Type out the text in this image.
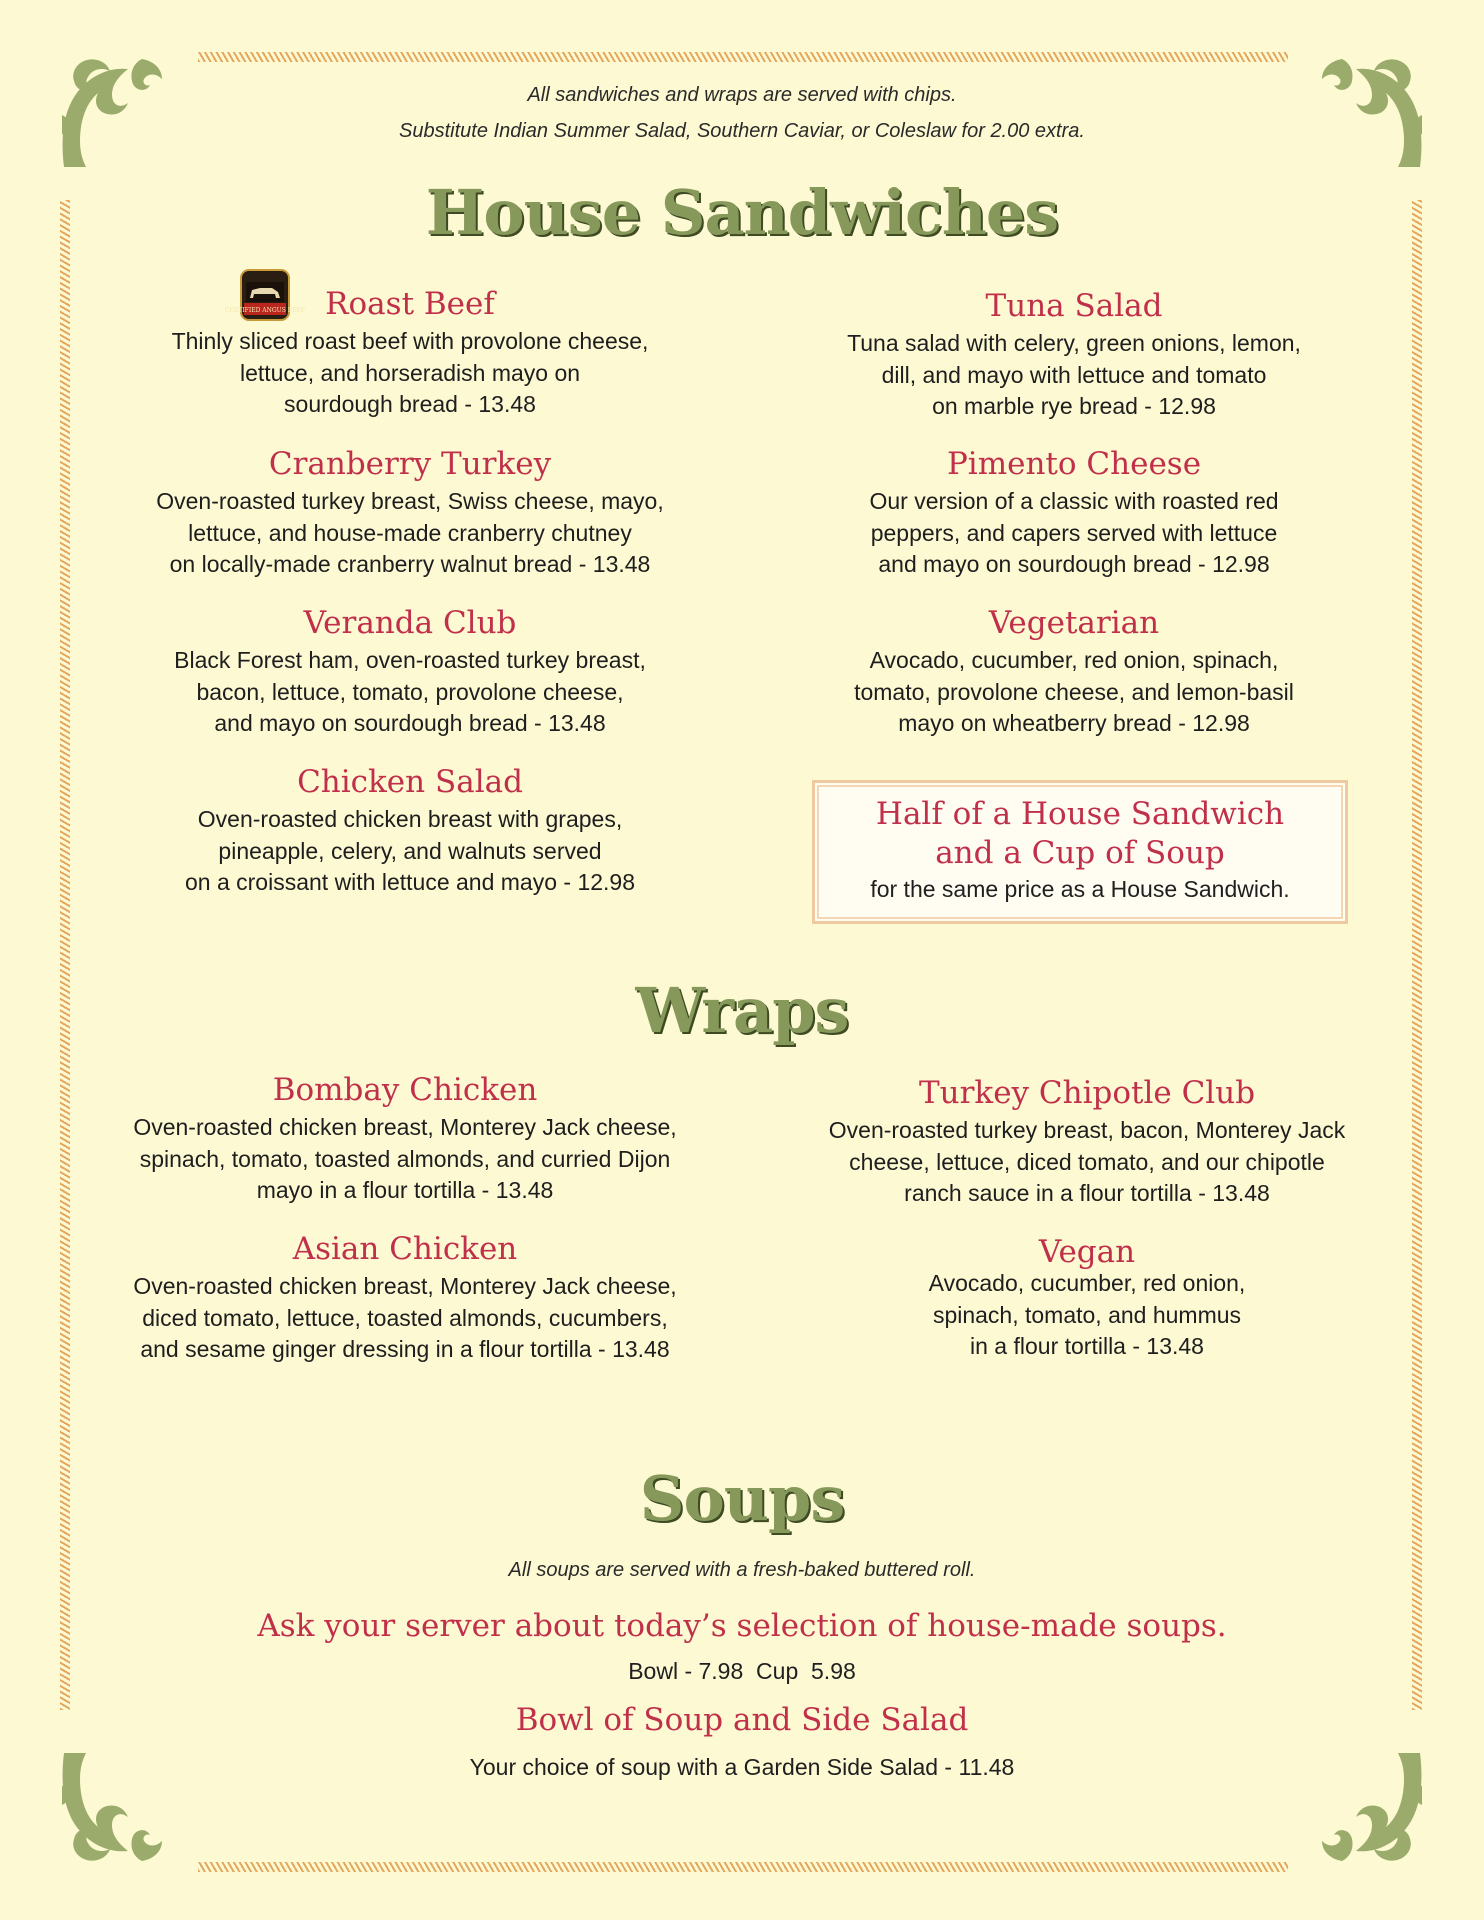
All sandwiches and wraps are served with chips.
Substitute Indian Summer Salad, Southern Caviar, or Coleslaw for 2.00 extra.
House Sandwiches
CERTIFIED ANGUS BEEF Roast Beef
Thinly sliced roast beef with provolone cheese,
lettuce, and horseradish mayo on
sourdough bread - 13.48
Tuna Salad
Tuna salad with celery, green onions, lemon,
dill, and mayo with lettuce and tomato
on marble rye bread - 12.98
Cranberry Turkey
Oven-roasted turkey breast, Swiss cheese, mayo,
lettuce, and house-made cranberry chutney
on locally-made cranberry walnut bread - 13.48
Pimento Cheese
Our version of a classic with roasted red
peppers, and capers served with lettuce
and mayo on sourdough bread - 12.98
Veranda Club
Black Forest ham, oven-roasted turkey breast,
bacon, lettuce, tomato, provolone cheese,
and mayo on sourdough bread - 13.48
Vegetarian
Avocado, cucumber, red onion, spinach,
tomato, provolone cheese, and lemon-basil
mayo on wheatberry bread - 12.98
Chicken Salad
Oven-roasted chicken breast with grapes,
pineapple, celery, and walnuts served
on a croissant with lettuce and mayo - 12.98
Half of a House Sandwich
and a Cup of Soup
for the same price as a House Sandwich.
Wraps
Bombay Chicken
Oven-roasted chicken breast, Monterey Jack cheese,
spinach, tomato, toasted almonds, and curried Dijon
mayo in a flour tortilla - 13.48
Turkey Chipotle Club
Oven-roasted turkey breast, bacon, Monterey Jack
cheese, lettuce, diced tomato, and our chipotle
ranch sauce in a flour tortilla - 13.48
Asian Chicken
Oven-roasted chicken breast, Monterey Jack cheese,
diced tomato, lettuce, toasted almonds, cucumbers,
and sesame ginger dressing in a flour tortilla - 13.48
Vegan
Avocado, cucumber, red onion,
spinach, tomato, and hummus
in a flour tortilla - 13.48
Soups
All soups are served with a fresh-baked buttered roll.
Ask your server about today’s selection of house-made soups.
Bowl - 7.98  Cup  5.98
Bowl of Soup and Side Salad
Your choice of soup with a Garden Side Salad - 11.48
